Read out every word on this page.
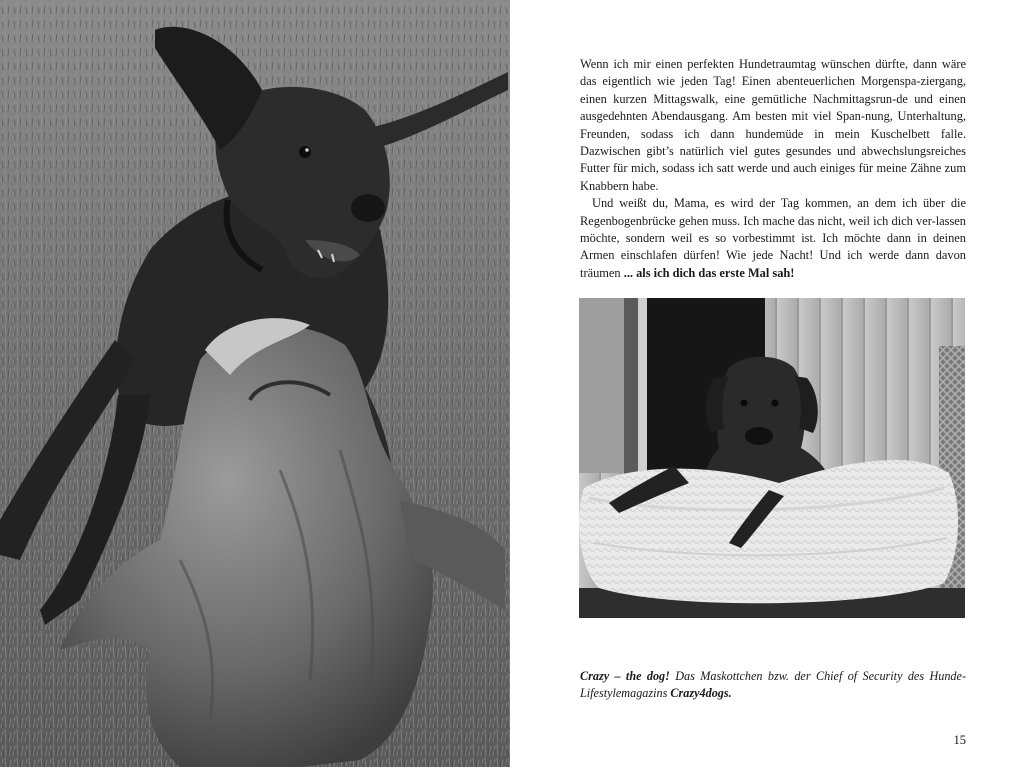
Wenn ich mir einen perfekten Hundetraumtag wünschen dürfte, dann wäre das eigentlich wie jeden Tag! Einen abenteuerlichen Morgenspa-ziergang, einen kurzen Mittagswalk, eine gemütliche Nachmittagsrun-de und einen ausgedehnten Abendausgang. Am besten mit viel Span-nung, Unterhaltung, Freunden, sodass ich dann hundemüde in mein Kuschelbett falle. Dazwischen gibt’s natürlich viel gutes gesundes und abwechslungsreiches Futter für mich, sodass ich satt werde und auch einiges für meine Zähne zum Knabbern habe.

Und weißt du, Mama, es wird der Tag kommen, an dem ich über die Regenbogenbrücke gehen muss. Ich mache das nicht, weil ich dich ver-lassen möchte, sondern weil es so vorbestimmt ist. Ich möchte dann in deinen Armen einschlafen dürfen! Wie jede Nacht! Und ich werde dann davon träumen ... als ich dich das erste Mal sah!

Crazy – the dog! Das Maskottchen bzw. der Chief of Security des Hunde-Lifestylemagazins Crazy4dogs.
15
